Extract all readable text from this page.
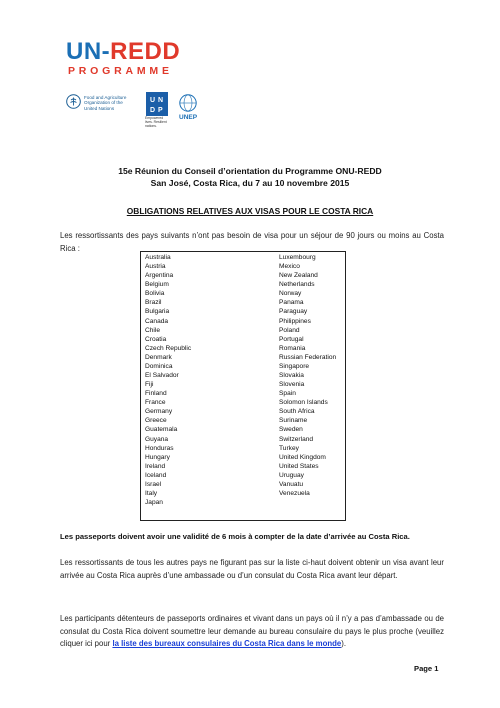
UN-REDD
PROGRAMME
Food and Agriculture Organization of the United Nations
U N
D P
Empowered lives. Resilient nations.
UNEP
15e Réunion du Conseil d’orientation du Programme ONU-REDD
San José, Costa Rica, du 7 au 10 novembre 2015
OBLIGATIONS RELATIVES AUX VISAS POUR LE COSTA RICA
Les ressortissants des pays suivants n’ont pas besoin de visa pour un séjour de 90 jours ou moins au Costa Rica :
Australia
Austria
Argentina
Belgium
Bolivia
Brazil
Bulgaria
Canada
Chile
Croatia
Czech Republic
Denmark
Dominica
El Salvador
Fiji
Finland
France
Germany
Greece
Guatemala
Guyana
Honduras
Hungary
Ireland
Iceland
Israel
Italy
Japan

Luxembourg
Mexico
New Zealand
Netherlands
Norway
Panama
Paraguay
Philippines
Poland
Portugal
Romania
Russian Federation
Singapore
Slovakia
Slovenia
Spain
Solomon Islands
South Africa
Suriname
Sweden
Switzerland
Turkey
United Kingdom
United States
Uruguay
Vanuatu
Venezuela
Les passeports doivent avoir une validité de 6 mois à compter de la date d’arrivée au Costa Rica.
Les ressortissants de tous les autres pays ne figurant pas sur la liste ci-haut doivent obtenir un visa avant leur arrivée au Costa Rica auprès d’une ambassade ou d’un consulat du Costa Rica avant leur départ.
Les participants détenteurs de passeports ordinaires et vivant dans un pays où il n’y a pas d’ambassade ou de consulat du Costa Rica doivent soumettre leur demande au bureau consulaire du pays le plus proche (veuillez cliquer ici pour la liste des bureaux consulaires du Costa Rica dans le monde).
Page 1
